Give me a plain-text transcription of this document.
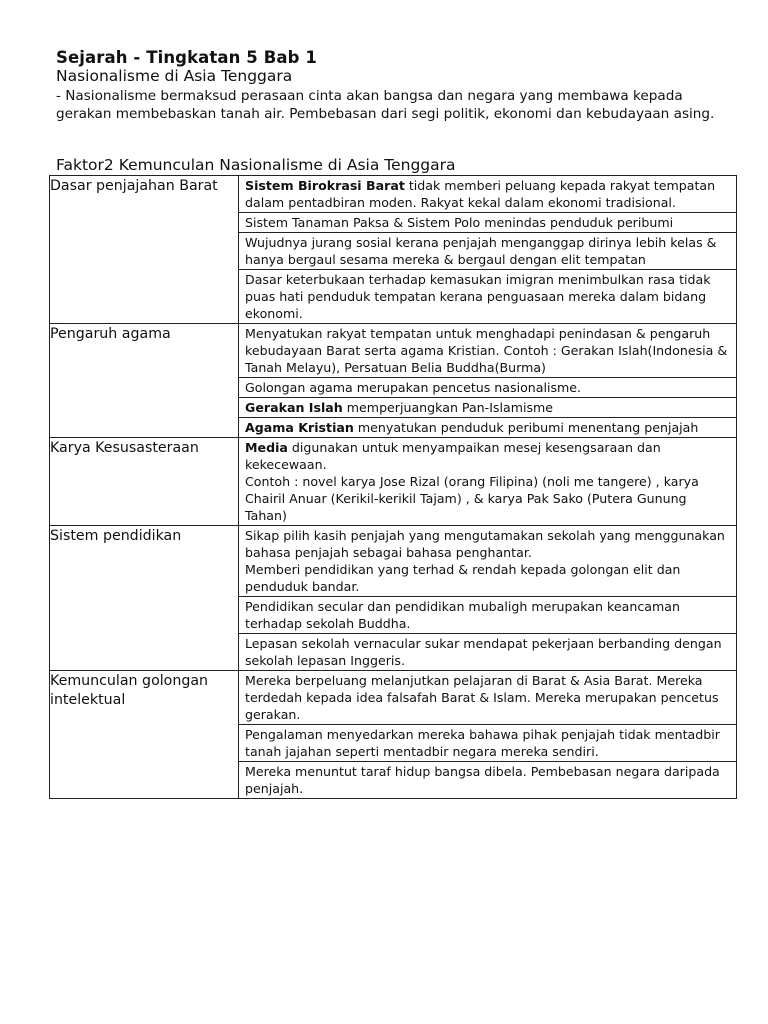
Sejarah - Tingkatan 5 Bab 1
Nasionalisme di Asia Tenggara
- Nasionalisme bermaksud perasaan cinta akan bangsa dan negara yang membawa kepada gerakan membebaskan tanah air. Pembebasan dari segi politik, ekonomi dan kebudayaan asing.
Faktor2 Kemunculan Nasionalisme di Asia Tenggara
Dasar penjajahan Barat	Sistem Birokrasi Barat tidak memberi peluang kepada rakyat tempatan dalam pentadbiran moden. Rakyat kekal dalam ekonomi tradisional.
Sistem Tanaman Paksa & Sistem Polo menindas penduduk peribumi
Wujudnya jurang sosial kerana penjajah menganggap dirinya lebih kelas & hanya bergaul sesama mereka & bergaul dengan elit tempatan
Dasar keterbukaan terhadap kemasukan imigran menimbulkan rasa tidak puas hati penduduk tempatan kerana penguasaan mereka dalam bidang ekonomi.

Pengaruh agama	Menyatukan rakyat tempatan untuk menghadapi penindasan & pengaruh kebudayaan Barat serta agama Kristian. Contoh : Gerakan Islah(Indonesia & Tanah Melayu), Persatuan Belia Buddha(Burma)
Golongan agama merupakan pencetus nasionalisme.
Gerakan Islah memperjuangkan Pan-Islamisme
Agama Kristian menyatukan penduduk peribumi menentang penjajah

Karya Kesusasteraan	Media digunakan untuk menyampaikan mesej kesengsaraan dan kekecewaan.
Contoh : novel karya Jose Rizal (orang Filipina) (noli me tangere) , karya Chairil Anuar (Kerikil-kerikil Tajam) , & karya Pak Sako (Putera Gunung Tahan)

Sistem pendidikan	Sikap pilih kasih penjajah yang mengutamakan sekolah yang menggunakan bahasa penjajah sebagai bahasa penghantar.
Memberi pendidikan yang terhad & rendah kepada golongan elit dan penduduk bandar.
Pendidikan secular dan pendidikan mubaligh merupakan keancaman terhadap sekolah Buddha.
Lepasan sekolah vernacular sukar mendapat pekerjaan berbanding dengan sekolah lepasan Inggeris.

Kemunculan golongan intelektual	Mereka berpeluang melanjutkan pelajaran di Barat & Asia Barat. Mereka terdedah kepada idea falsafah Barat & Islam. Mereka merupakan pencetus gerakan.
Pengalaman menyedarkan mereka bahawa pihak penjajah tidak mentadbir tanah jajahan seperti mentadbir negara mereka sendiri.
Mereka menuntut taraf hidup bangsa dibela. Pembebasan negara daripada penjajah.
